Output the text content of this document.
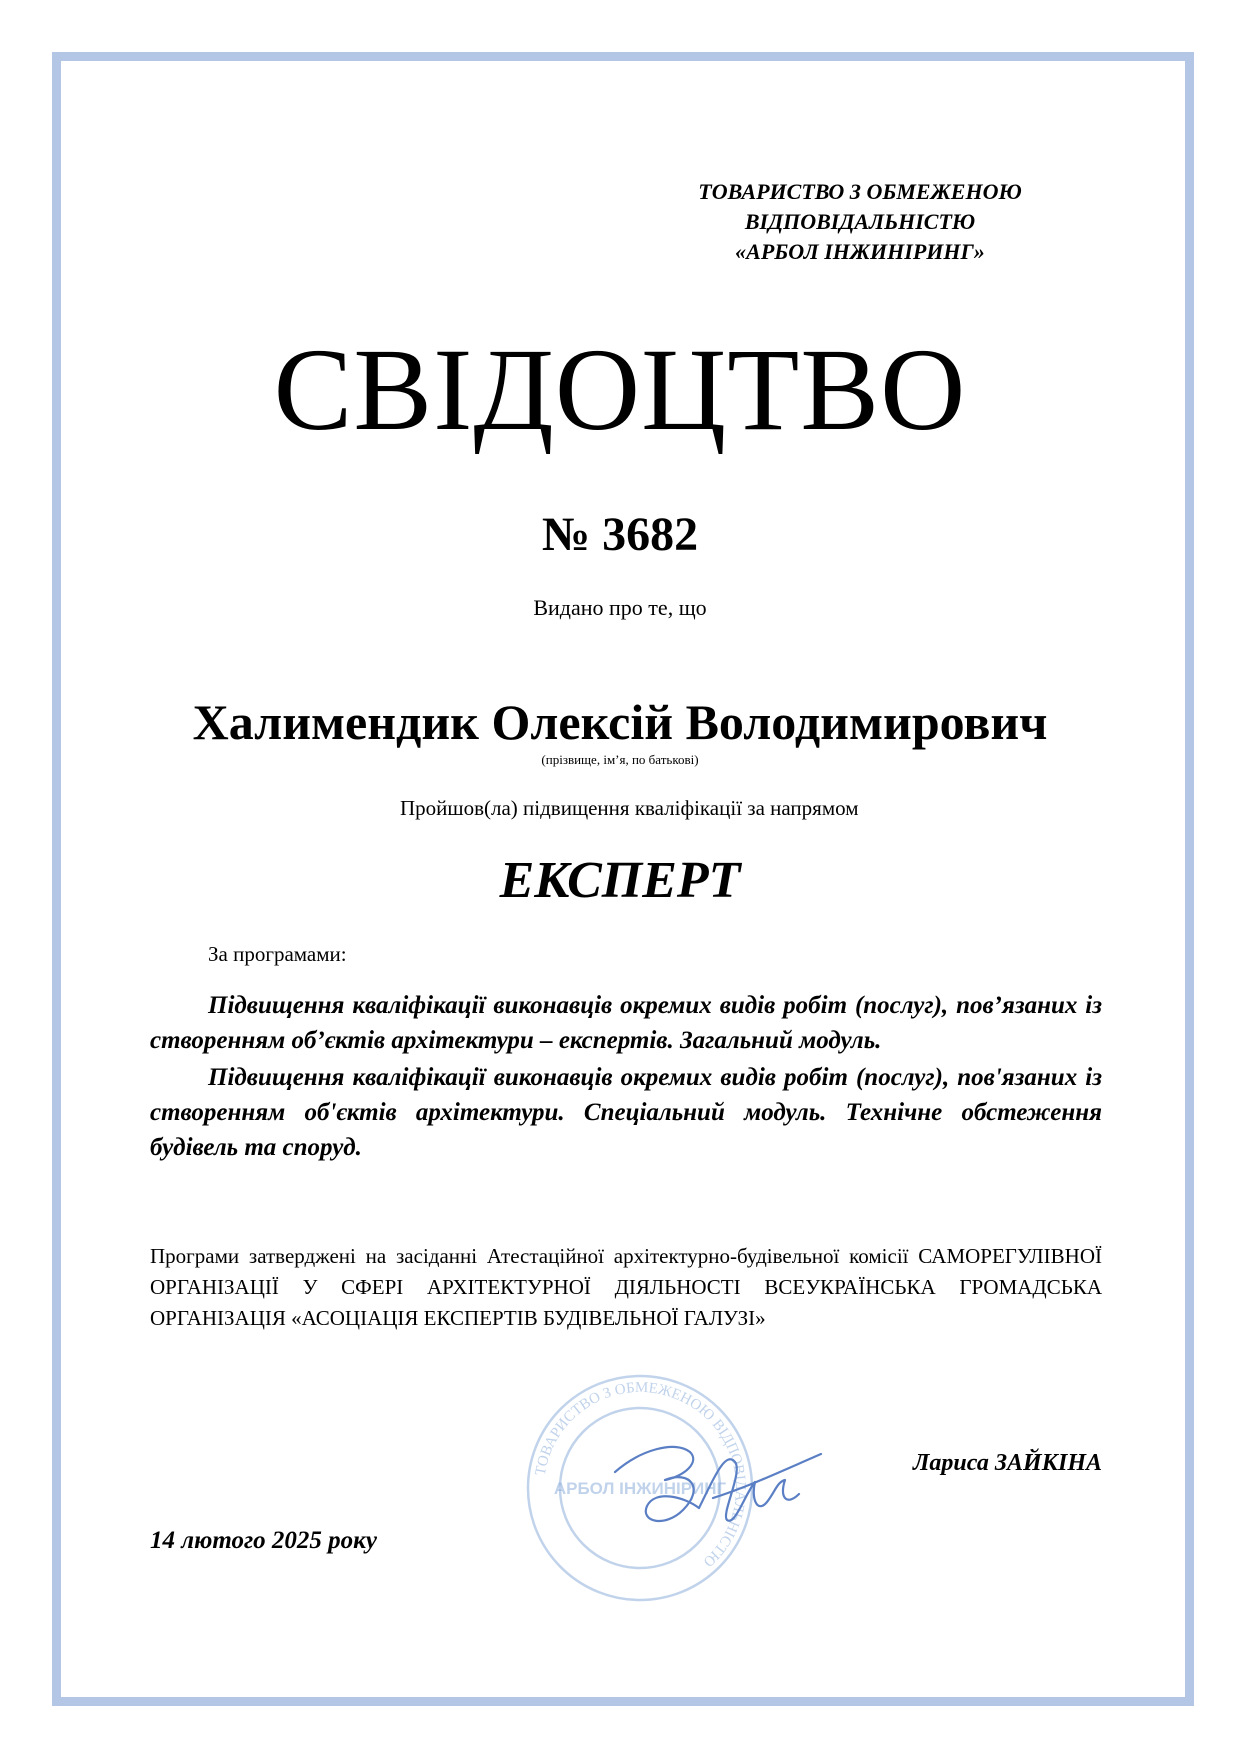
ТОВАРИСТВО З ОБМЕЖЕНОЮ
ВІДПОВІДАЛЬНІСТЮ
«АРБОЛ ІНЖИНІРИНГ»
СВІДОЦТВО
№ 3682
Видано про те, що
Халимендик Олексій Володимирович
(прізвище, ім’я, по батькові)
Пройшов(ла) підвищення кваліфікації за напрямом
ЕКСПЕРТ
За програмами:

Підвищення кваліфікації виконавців окремих видів робіт (послуг), пов’язаних із створенням об’єктів архітектури – експертів. Загальний модуль.

Підвищення кваліфікації виконавців окремих видів робіт (послуг), пов'язаних із створенням об'єктів архітектури. Спеціальний модуль. Технічне обстеження будівель та споруд.

Програми затверджені на засіданні Атестаційної архітектурно-будівельної комісії САМОРЕГУЛІВНОЇ ОРГАНІЗАЦІЇ У СФЕРІ АРХІТЕКТУРНОЇ ДІЯЛЬНОСТІ ВСЕУКРАЇНСЬКА ГРОМАДСЬКА ОРГАНІЗАЦІЯ «АСОЦІАЦІЯ ЕКСПЕРТІВ БУДІВЕЛЬНОЇ ГАЛУЗІ»
ТОВАРИСТВО З ОБМЕЖЕНОЮ ВІДПОВІДАЛЬНІСТЮ
АРБОЛ ІНЖИНІРИНГ
Лариса ЗАЙКІНА
14 лютого 2025 року
